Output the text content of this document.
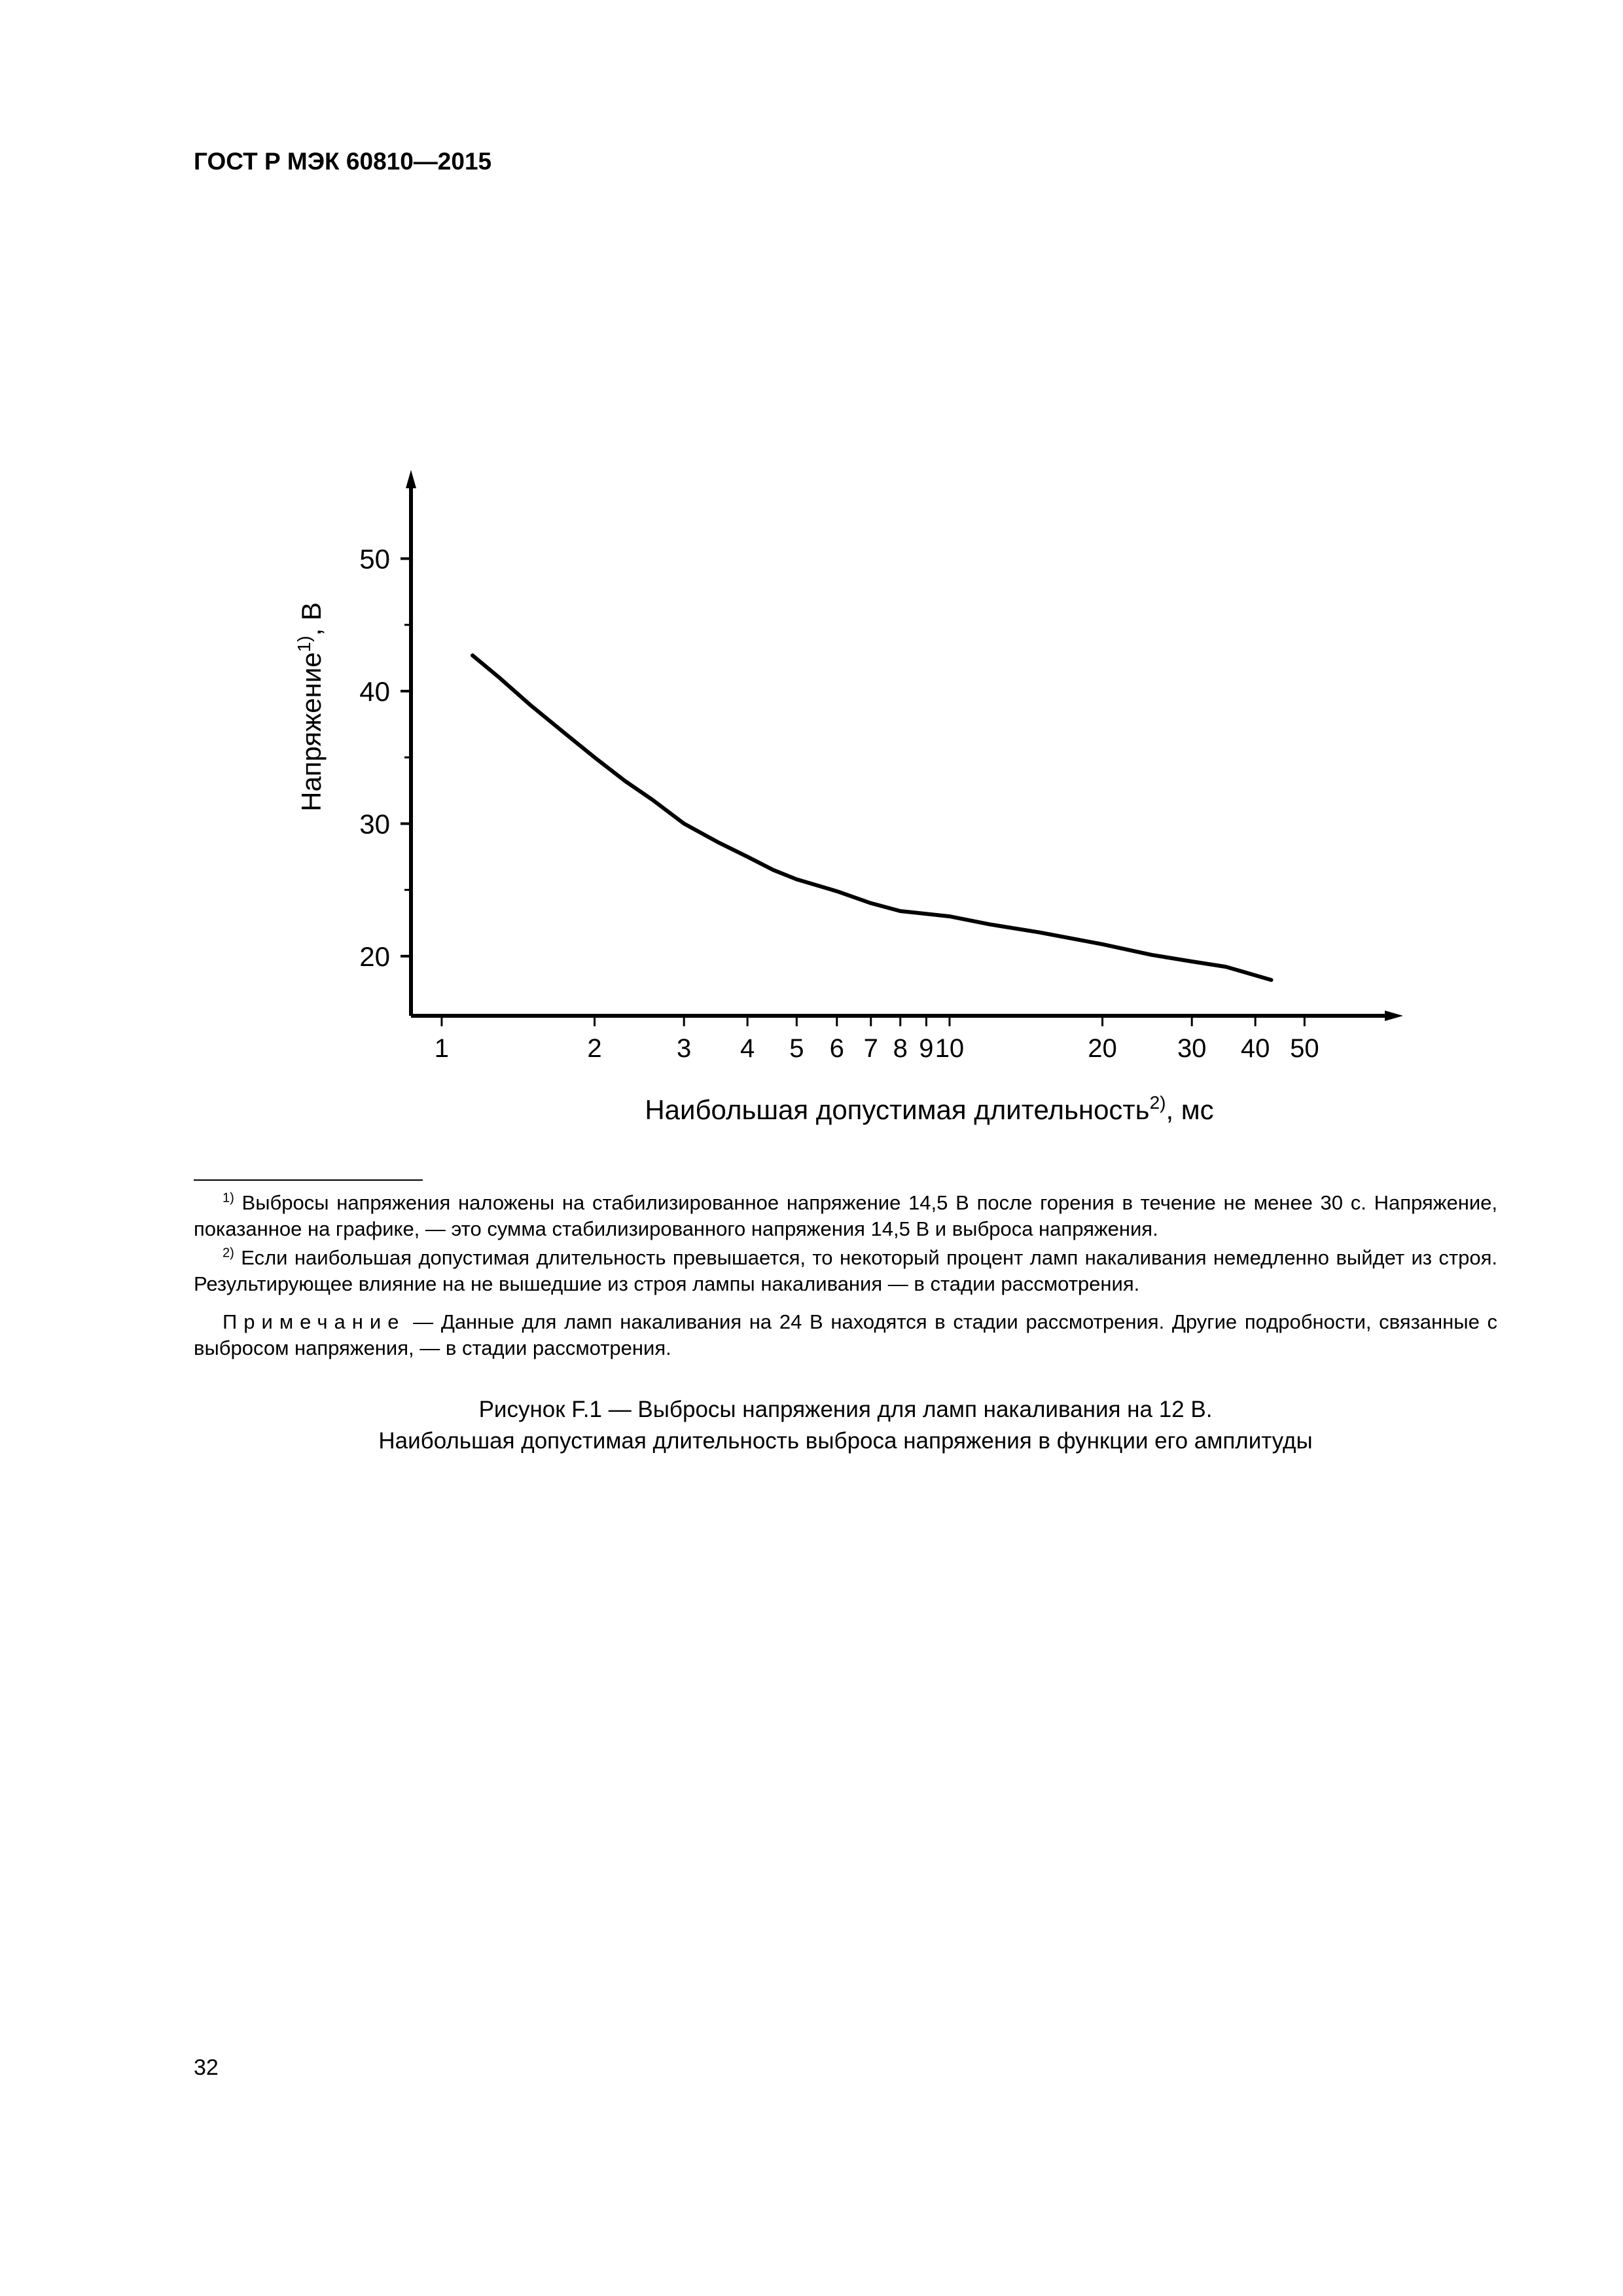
ГОСТ Р МЭК 60810—2015
20
30
40
50
1	2	3 4 5 6 7 8 9 10	20 30 40 50
Напряжение$^{1)}$, В
Наибольшая допустимая длительность$^{2)}$, мс
$^{1)}$ Выбросы напряжения наложены на стабилизированное напряжение 14,5 В после горения в течение не менее 30 с. Напряжение, показанное на графике, — это сумма стабилизированного напряжения 14,5 В и выброса напряжения.
$^{2)}$ Если наибольшая допустимая длительность превышается, то некоторый процент ламп накаливания немедленно выйдет из строя. Результирующее влияние на не вышедшие из строя лампы накаливания — в стадии рассмотрения.
Примечание — Данные для ламп накаливания на 24 В находятся в стадии рассмотрения. Другие подробности, связанные с выбросом напряжения, — в стадии рассмотрения.
Рисунок F.1 — Выбросы напряжения для ламп накаливания на 12 В.
Наибольшая допустимая длительность выброса напряжения в функции его амплитуды
32
